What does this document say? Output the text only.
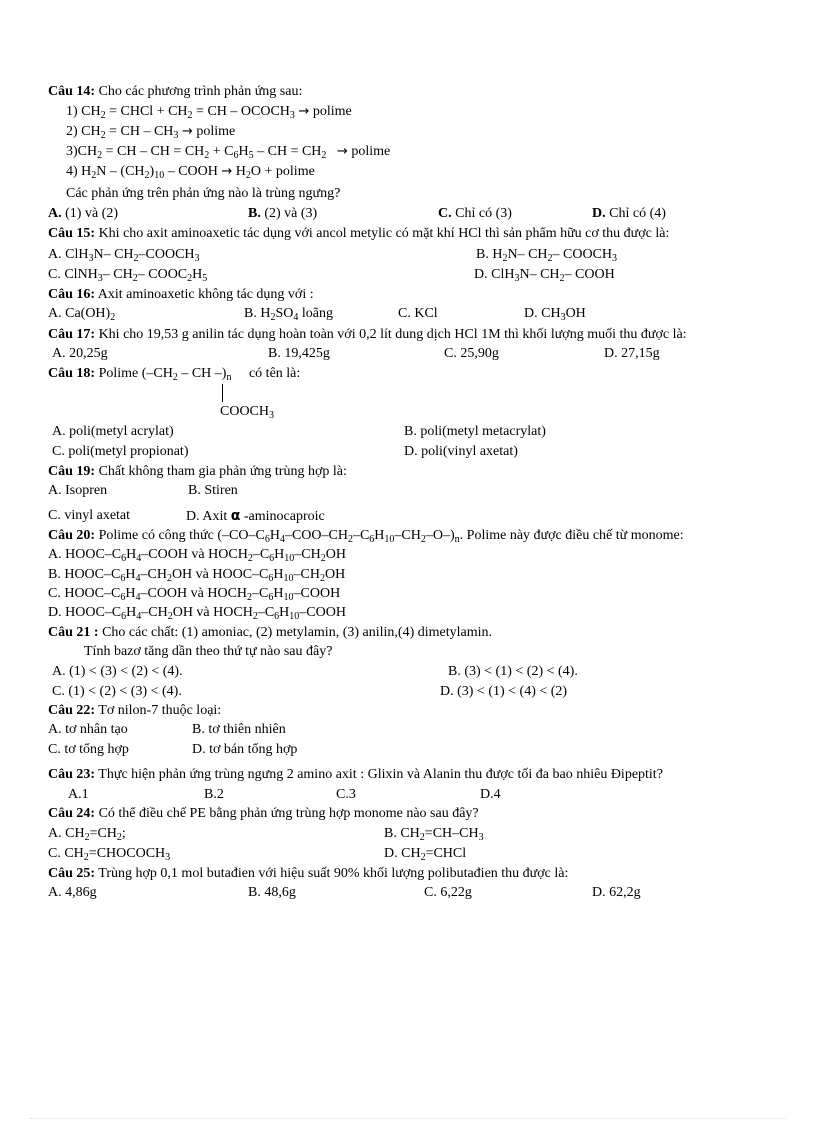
Câu 14: Cho các phương trình phản ứng sau:
1) $CH_2$ = CHCl + $CH_2$ = CH – $OCOCH_3 \to polime$
2) $CH_2$ = CH – $CH_3 \to polime$
$3)CH_2$ = CH – CH = $CH_2 + C_6H_5$ – CH = $CH_2 \to polime$
4) $H_2N - (CH_2)_{10}$ – COOH → $H_2O + polime$
Các phản ứng trên phản ứng nào là trùng ngưng?
A. (1) và (2)	B. (2) và (3)	C. Chỉ có (3)	D. Chỉ có (4)
Câu 15: Khi cho axit aminoaxetic tác dụng với ancol metylic có mặt khí HCl thì sản phẩm hữu cơ thu được là:
A. ClH$_3$N– $CH_2-COOCH_3$	B. $H_2N-$ $CH_2-$ $COOCH_3$
C. ClNH$_3$– $CH_2-$ $COOC_2H_5$	D. ClH$_3$N– $CH_2-$ COOH
Câu 16: Axit aminoaxetic không tác dụng với :
A. $Ca(OH)_2$	B. $H_2SO_4$ loãng	C. KCl	D. $CH_3OH$
Câu 17: Khi cho 19,53 g anilin tác dụng hoàn toàn với 0,2 lít dung dịch HCl 1M thì khối lượng muối thu được là:
A. 20,25g	B. 19,425g	C. 25,90g	D. 27,15g
Câu 18: Polime ($-CH_2$ – CH $-)_n$ có tên là:
$COOCH_3$
A. poli(metyl acrylat)	B. poli(metyl metacrylat)
C. poli(metyl propionat)	D. poli(vinyl axetat)
Câu 19: Chất không tham gia phản ứng trùng hợp là:
A. Isopren	B. Stiren
C. vinyl axetat	D. Axit α -aminocaproic
Câu 20: Polime có công thức $(-CO-C_6H_4-COO-CH_2-C_6H_{10}-CH_2-O-)_n$. Polime này được điều chế từ monome:
A. HOOC–$C_6H_4$–COOH và $HOCH_2-C_6H_{10}-CH_2OH$
B. HOOC–$C_6H_4-CH_2OH$ và HOOC–$C_6H_{10}-CH_2OH$
C. HOOC–$C_6H_4$–COOH và $HOCH_2-C_6H_{10}$–COOH
D. HOOC–$C_6H_4-CH_2OH$ và $HOCH_2-C_6H_{10}$–COOH
Câu 21 : Cho các chất: (1) amoniac, (2) metylamin, (3) anilin,(4) dimetylamin.
Tính bazơ tăng dần theo thứ tự nào sau đây?
A. (1) < (3) < (2) < (4).	B. (3) < (1) < (2) < (4).
C. (1) < (2) < (3) < (4).	D. (3) < (1) < (4) < (2)
Câu 22: Tơ nilon-7 thuộc loại:
A. tơ nhân tạo	B. tơ thiên nhiên
C. tơ tổng hợp	D. tơ bán tổng hợp
Câu 23: Thực hiện phản ứng trùng ngưng 2 amino axit : Glixin và Alanin thu được tối đa bao nhiêu Đipeptit?
A.1	B.2	C.3	D.4
Câu 24: Có thể điều chế PE bằng phản ứng trùng hợp monome nào sau đây?
A. $CH_2=CH_2$;	B. $CH_2=CH-CH_3$
C. $CH_2=CHOCOCH_3$	D. $CH_2=CHCl$
Câu 25: Trùng hợp 0,1 mol butađien với hiệu suất 90% khối lượng polibutađien thu được là:
A. 4,86g	B. 48,6g	C. 6,22g	D. 62,2g
